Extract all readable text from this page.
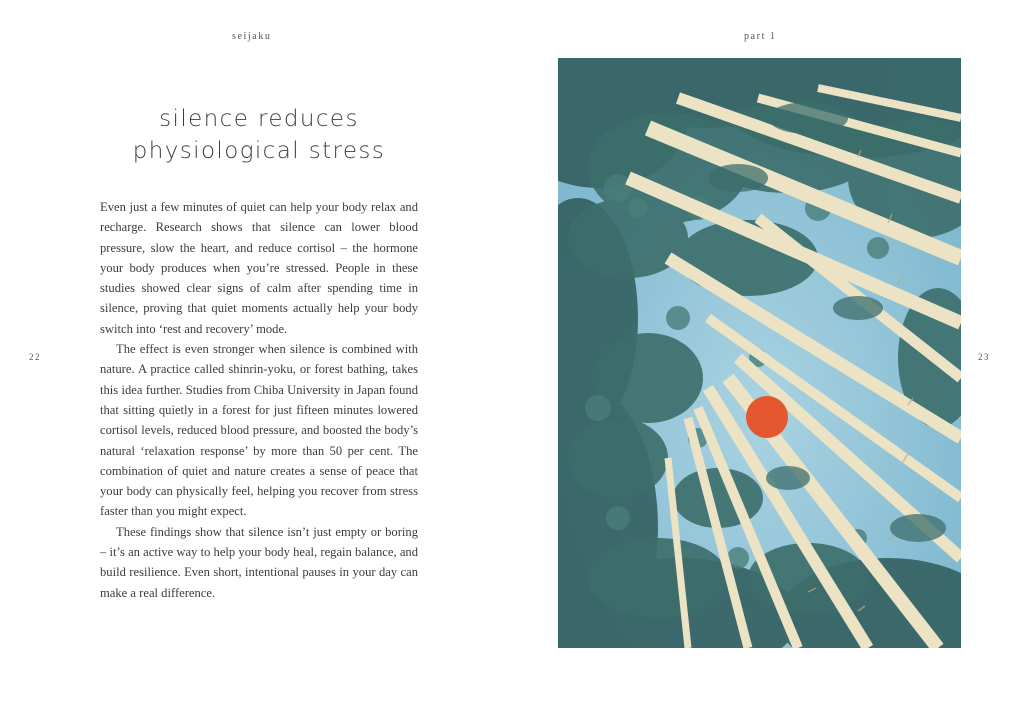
seijaku	part 1
22	23
silence reduces
physiological stress

Even just a few minutes of quiet can help your body relax and recharge. Research shows that silence can lower blood pressure, slow the heart, and reduce cortisol – the hormone your body produces when you’re stressed. People in these studies showed clear signs of calm after spending time in silence, proving that quiet moments actually help your body switch into ‘rest and recovery’ mode.

The effect is even stronger when silence is combined with nature. A practice called shinrin-yoku, or forest bathing, takes this idea further. Studies from Chiba University in Japan found that sitting quietly in a forest for just fifteen minutes lowered cortisol levels, reduced blood pressure, and boosted the body’s natural ‘relaxation response’ by more than 50 per cent. The combination of quiet and nature creates a sense of peace that your body can physically feel, helping you recover from stress faster than you might expect.

These findings show that silence isn’t just empty or boring – it’s an active way to help your body heal, regain balance, and build resilience. Even short, intentional pauses in your day can make a real difference.
